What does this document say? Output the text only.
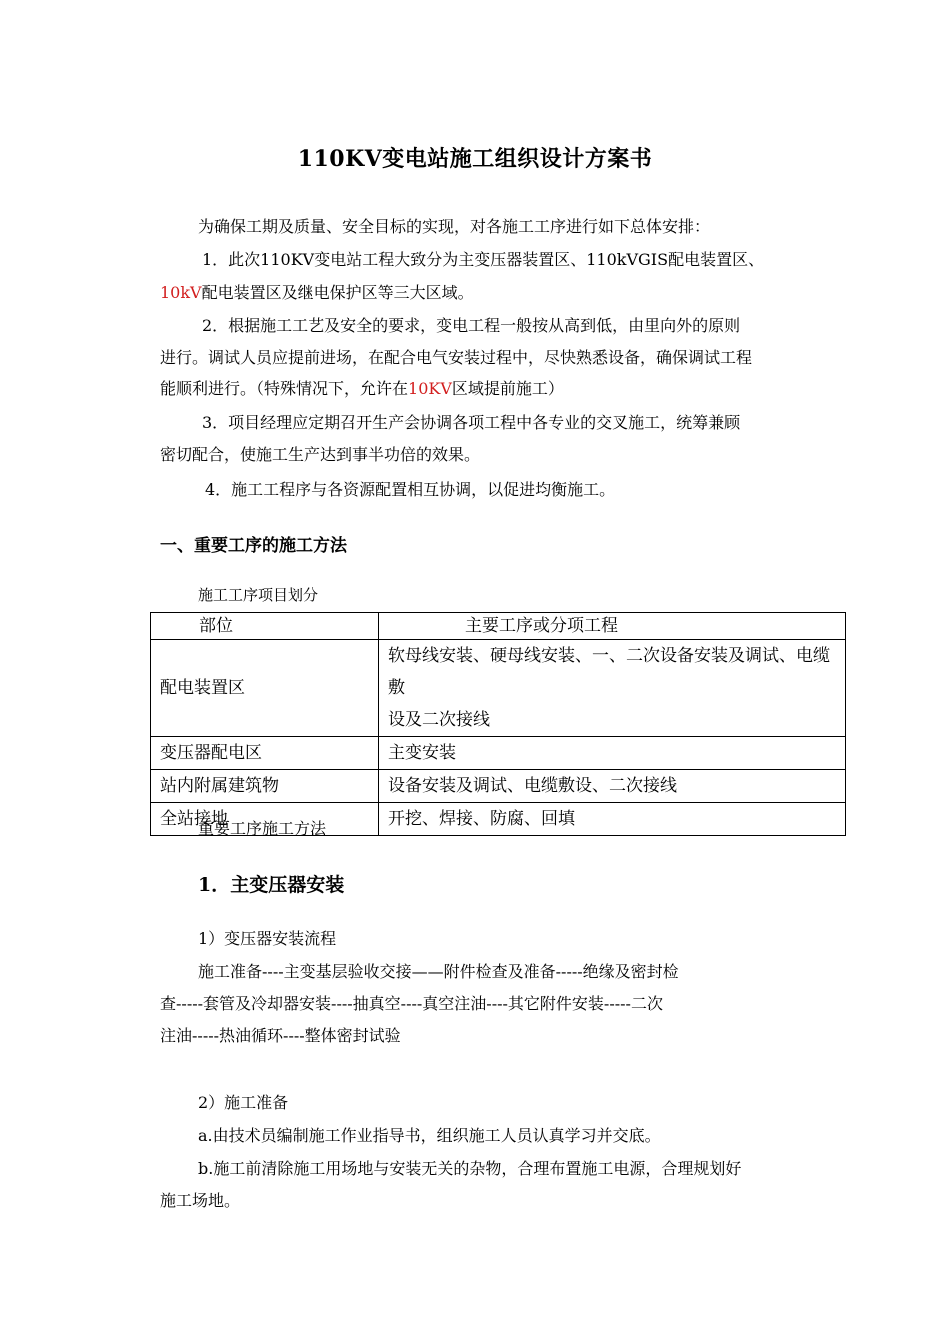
110KV变电站施工组织设计方案书
为确保工期及质量、安全目标的实现，对各施工工序进行如下总体安排：
1．此次110KV变电站工程大致分为主变压器装置区、110kVGIS配电装置区、
10kV配电装置区及继电保护区等三大区域。
2．根据施工工艺及安全的要求，变电工程一般按从高到低，由里向外的原则
进行。调试人员应提前进场，在配合电气安装过程中，尽快熟悉设备，确保调试工程
能顺利进行。（特殊情况下，允许在10KV区域提前施工）
3．项目经理应定期召开生产会协调各项工程中各专业的交叉施工，统筹兼顾
密切配合，使施工生产达到事半功倍的效果。
4．施工工程序与各资源配置相互协调，以促进均衡施工。
一、重要工序的施工方法
施工工序项目划分
部位	主要工序或分项工程
配电装置区	软母线安装、硬母线安装、一、二次设备安装及调试、电缆敷
设及二次接线

变压器配电区	主变安装
站内附属建筑物	设备安装及调试、电缆敷设、二次接线
全站接地	开挖、焊接、防腐、回填
重要工序施工方法
1．主变压器安装
1）变压器安装流程
施工准备----主变基层验收交接——附件检查及准备-----绝缘及密封检
查-----套管及冷却器安装----抽真空----真空注油----其它附件安装-----二次
注油-----热油循环----整体密封试验
2）施工准备
a.由技术员编制施工作业指导书，组织施工人员认真学习并交底。
b.施工前清除施工用场地与安装无关的杂物，合理布置施工电源，合理规划好
施工场地。
